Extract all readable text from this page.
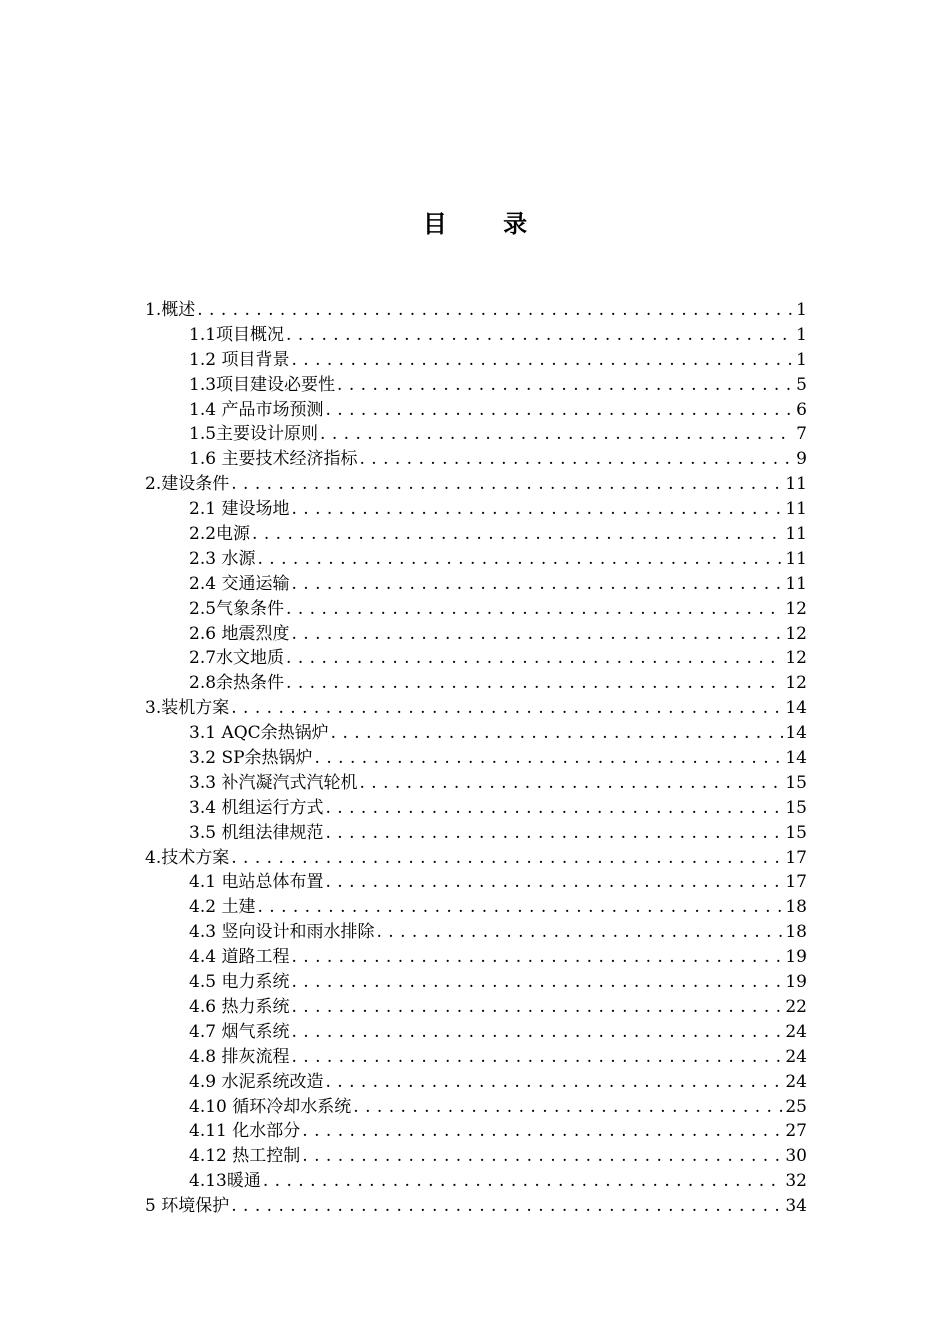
目 录
1.概述 . . .	1
1.1项目概况 . . .	1
1.2 项目背景 . . .	1
1.3项目建设必要性 . . .	5
1.4 产品市场预测 . . .	6
1.5主要设计原则 . . .	7
1.6 主要技术经济指标 . . .	9
2.建设条件 . . .	11
2.1 建设场地 . . .	11
2.2电源 . . .	11
2.3 水源 . . .	11
2.4 交通运输 . . .	11
2.5气象条件 . . .	12
2.6 地震烈度 . . .	12
2.7水文地质 . . .	12
2.8余热条件 . . .	12
3.装机方案 . . .	14
3.1 AQC余热锅炉 . . .	14
3.2 SP余热锅炉 . . .	14
3.3 补汽凝汽式汽轮机 . . .	15
3.4 机组运行方式 . . .	15
3.5 机组法律规范 . . .	15
4.技术方案 . . .	17
4.1 电站总体布置 . . .	17
4.2 土建 . . .	18
4.3 竖向设计和雨水排除 . . .	18
4.4 道路工程 . . .	19
4.5 电力系统 . . .	19
4.6 热力系统 . . .	22
4.7 烟气系统 . . .	24
4.8 排灰流程 . . .	24
4.9 水泥系统改造 . . .	24
4.10 循环冷却水系统 . . .	25
4.11 化水部分 . . .	27
4.12 热工控制 . . .	30
4.13暖通 . . .	32
5 环境保护 . . .	34
